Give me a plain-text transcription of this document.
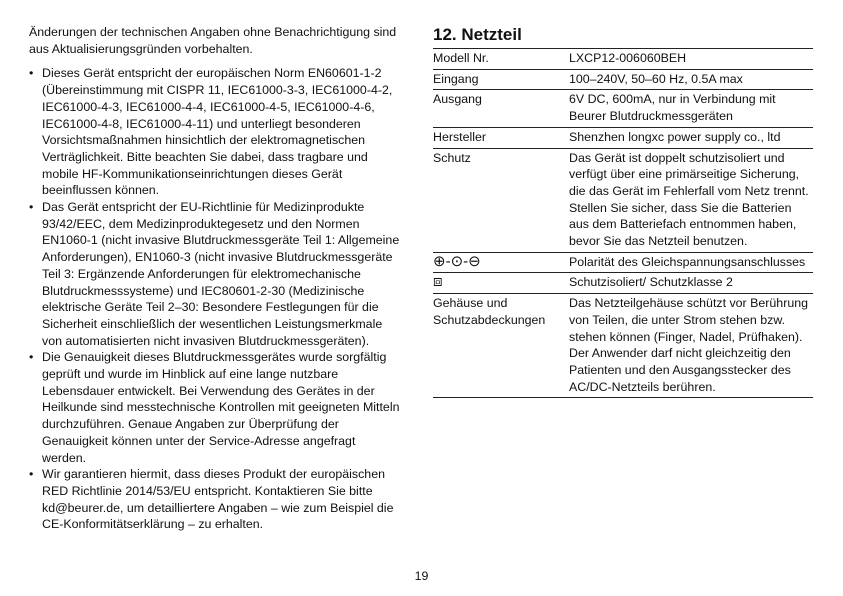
Änderungen der technischen Angaben ohne Benachrichtigung sind aus Aktualisierungsgründen vorbehalten.

• Dieses Gerät entspricht der europäischen Norm EN60601-1-2 (Übereinstimmung mit CISPR 11, IEC61000-3-3, IEC61000-4-2, IEC61000-4-3, IEC61000-4-4, IEC61000-4-5, IEC61000-4-6, IEC61000-4-8, IEC61000-4-11) und unterliegt besonderen Vorsichtsmaßnahmen hinsichtlich der elektromagnetischen Verträglichkeit. Bitte beachten Sie dabei, dass tragbare und mobile HF-Kommunikationseinrichtungen dieses Gerät beeinflussen können.
• Das Gerät entspricht der EU-Richtlinie für Medizinprodukte 93/42/EEC, dem Medizinproduktegesetz und den Normen EN1060-1 (nicht invasive Blutdruckmessgeräte Teil 1: Allgemeine Anforderungen), EN1060-3 (nicht invasive Blutdruckmessgeräte Teil 3: Ergänzende Anforderungen für elektromechanische Blutdruckmesssysteme) und IEC80601-2-30 (Medizinische elektrische Geräte Teil 2–30: Besondere Festlegungen für die Sicherheit einschließlich der wesentlichen Leistungsmerkmale von automatisierten nicht invasiven Blutdruckmessgeräten).
• Die Genauigkeit dieses Blutdruckmessgerätes wurde sorgfältig geprüft und wurde im Hinblick auf eine lange nutzbare Lebensdauer entwickelt. Bei Verwendung des Gerätes in der Heilkunde sind messtechnische Kontrollen mit geeigneten Mitteln durchzuführen. Genaue Angaben zur Überprüfung der Genauigkeit können unter der Service-Adresse angefragt werden.
• Wir garantieren hiermit, dass dieses Produkt der europäischen RED Richtlinie 2014/53/EU entspricht. Kontaktieren Sie bitte kd@beurer.de, um detailliertere Angaben – wie zum Beispiel die CE-Konformitätserklärung – zu erhalten.
12. Netzteil
Modell Nr.	LXCP12-006060BEH
Eingang	100–240V, 50–60 Hz, 0.5A max
Ausgang	6V DC, 600mA, nur in Verbindung mit Beurer Blutdruckmessgeräten
Hersteller	Shenzhen longxc power supply co., ltd
Schutz	Das Gerät ist doppelt schutzisoliert und verfügt über eine primärseitige Sicherung, die das Gerät im Fehlerfall vom Netz trennt.
Stellen Sie sicher, dass Sie die Batterien aus dem Batteriefach entnommen haben, bevor Sie das Netzteil benutzen.
⊕-⊙-⊖	Polarität des Gleichspannungsanschlusses
⧈	Schutzisoliert/ Schutzklasse 2
Gehäuse und Schutzabdeckungen	Das Netzteilgehäuse schützt vor Berührung von Teilen, die unter Strom stehen bzw. stehen können (Finger, Nadel, Prüfhaken).
Der Anwender darf nicht gleichzeitig den Patienten und den Ausgangsstecker des AC/DC-Netzteils berühren.
19
